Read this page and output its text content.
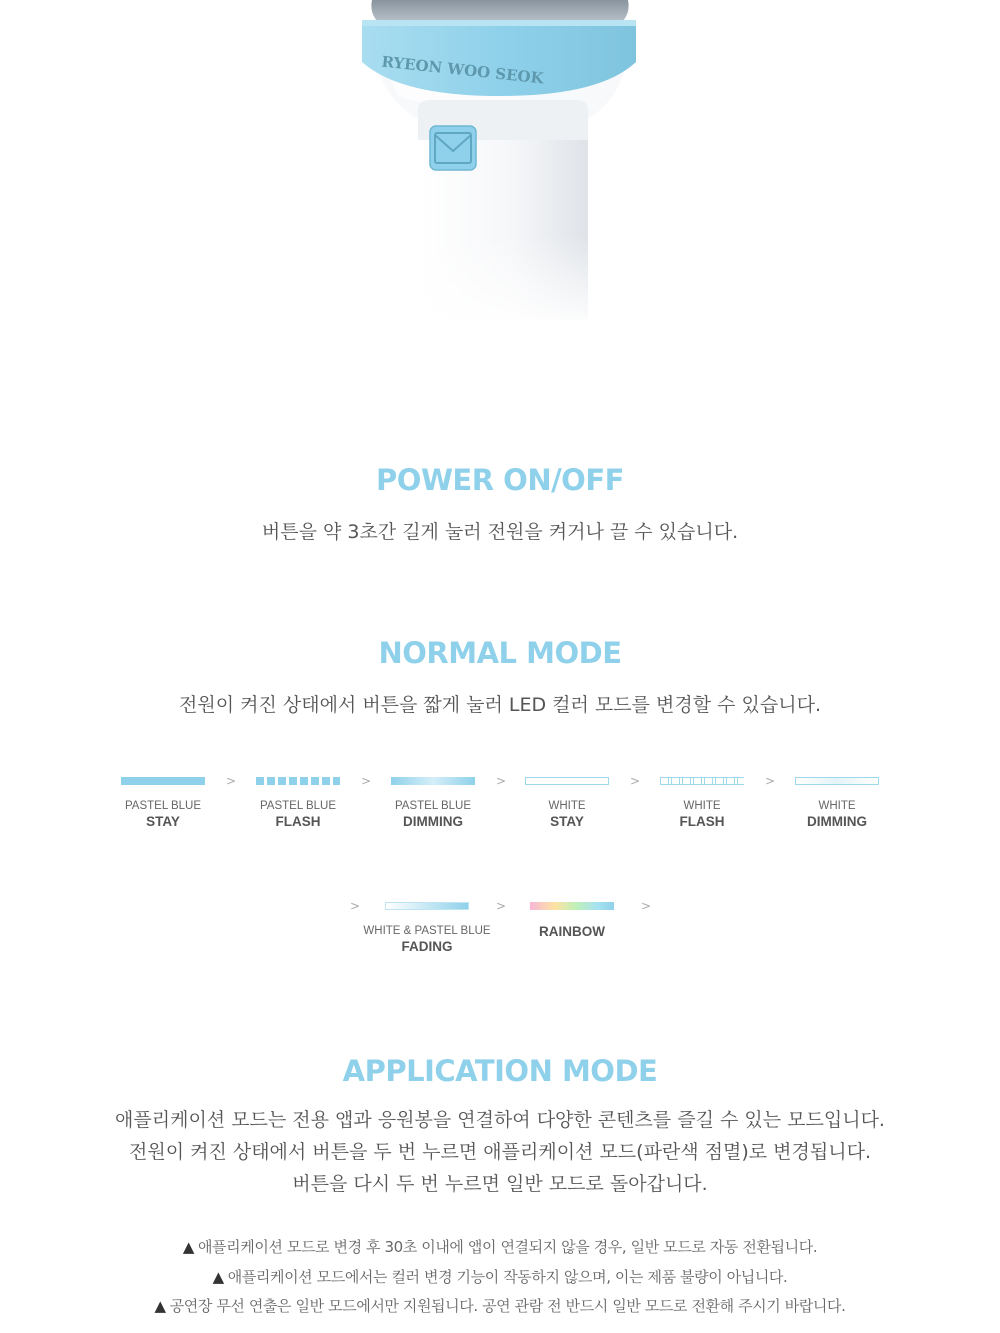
RYEON WOO SEOK
POWER ON/OFF
버튼을 약 3초간 길게 눌러 전원을 켜거나 끌 수 있습니다.
NORMAL MODE
전원이 켜진 상태에서 버튼을 짧게 눌러 LED 컬러 모드를 변경할 수 있습니다.
PASTEL BLUE
STAY
>
PASTEL BLUE
FLASH
>
PASTEL BLUE
DIMMING
>
WHITE
STAY
>
WHITE
FLASH
>
WHITE
DIMMING
>
WHITE & PASTEL BLUE
FADING
>
RAINBOW
>
APPLICATION MODE
애플리케이션 모드는 전용 앱과 응원봉을 연결하여 다양한 콘텐츠를 즐길 수 있는 모드입니다.
전원이 켜진 상태에서 버튼을 두 번 누르면 애플리케이션 모드(파란색 점멸)로 변경됩니다.
버튼을 다시 두 번 누르면 일반 모드로 돌아갑니다.
▲ 애플리케이션 모드로 변경 후 30초 이내에 앱이 연결되지 않을 경우, 일반 모드로 자동 전환됩니다.
▲ 애플리케이션 모드에서는 컬러 변경 기능이 작동하지 않으며, 이는 제품 불량이 아닙니다.
▲ 공연장 무선 연출은 일반 모드에서만 지원됩니다. 공연 관람 전 반드시 일반 모드로 전환해 주시기 바랍니다.
